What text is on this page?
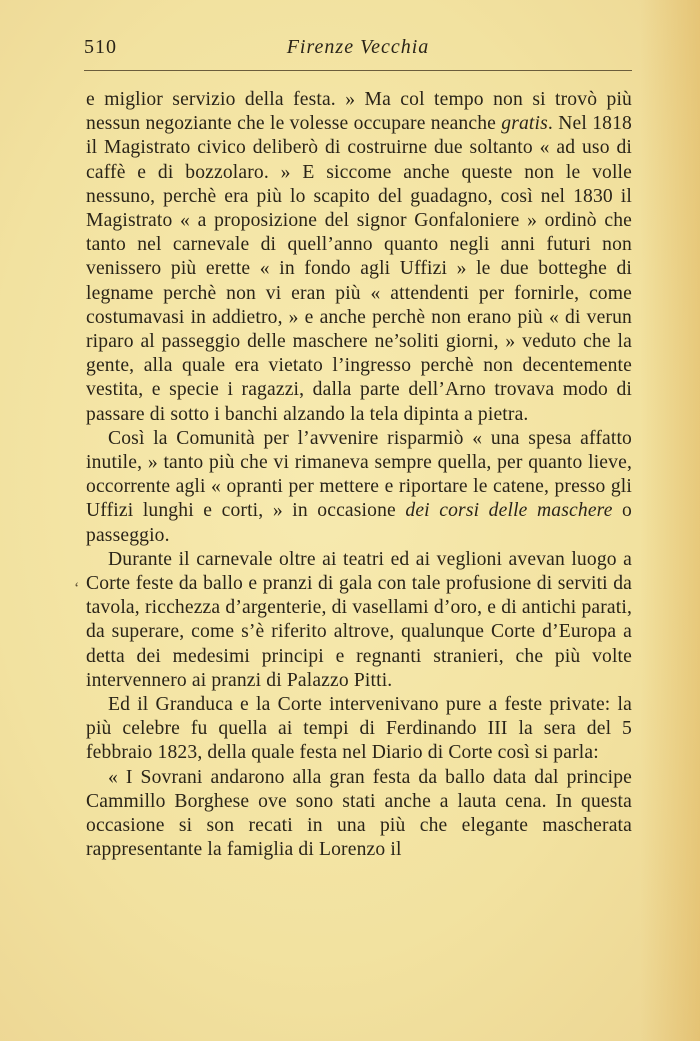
510	Firenze Vecchia
‘

e miglior servizio della festa. » Ma col tempo non si trovò più nessun negoziante che le volesse occupare neanche gratis. Nel 1818 il Magistrato civico deliberò di costruirne due soltanto « ad uso di caffè e di bozzolaro. » E siccome anche queste non le volle nessuno, perchè era più lo scapito del guadagno, così nel 1830 il Magistrato « a proposizione del signor Gonfaloniere » ordinò che tanto nel carnevale di quell’anno quanto negli anni futuri non venissero più erette « in fondo agli Uffizi » le due botteghe di legname perchè non vi eran più « attendenti per fornirle, come costumavasi in addietro, » e anche perchè non erano più « di verun riparo al passeggio delle maschere ne’soliti giorni, » veduto che la gente, alla quale era vietato l’ingresso perchè non decentemente vestita, e specie i ragazzi, dalla parte dell’Arno trovava modo di passare di sotto i banchi alzando la tela dipinta a pietra.

Così la Comunità per l’avvenire risparmiò « una spesa affatto inutile, » tanto più che vi rimaneva sempre quella, per quanto lieve, occorrente agli « opranti per mettere e riportare le catene, presso gli Uffizi lunghi e corti, » in occasione dei corsi delle maschere o passeggio.

Durante il carnevale oltre ai teatri ed ai veglioni avevan luogo a Corte feste da ballo e pranzi di gala con tale profusione di serviti da tavola, ricchezza d’argenterie, di vasellami d’oro, e di antichi parati, da superare, come s’è riferito altrove, qualunque Corte d’Europa a detta dei medesimi principi e regnanti stranieri, che più volte intervennero ai pranzi di Palazzo Pitti.

Ed il Granduca e la Corte intervenivano pure a feste private: la più celebre fu quella ai tempi di Ferdinando III la sera del 5 febbraio 1823, della quale festa nel Diario di Corte così si parla:

« I Sovrani andarono alla gran festa da ballo data dal principe Cammillo Borghese ove sono stati anche a lauta cena. In questa occasione si son recati in una più che elegante mascherata rappresentante la famiglia di Lorenzo il
